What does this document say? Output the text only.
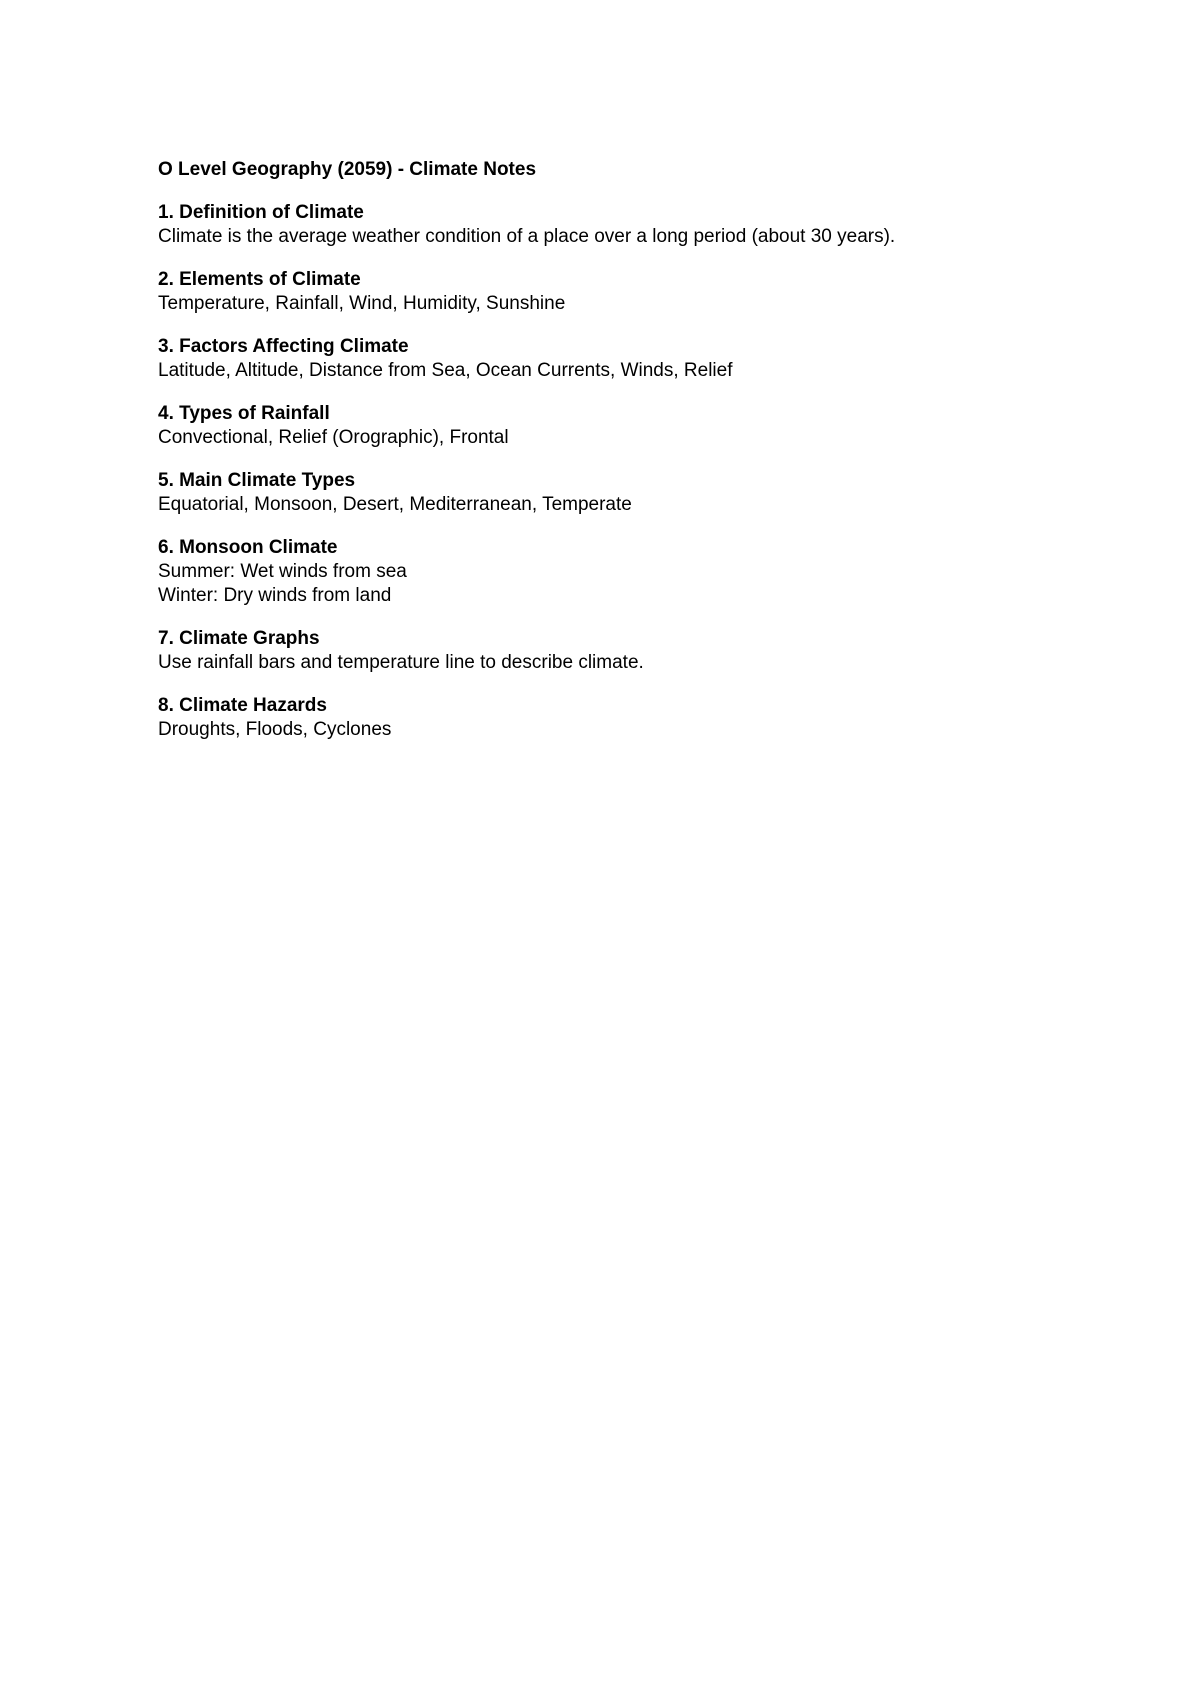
O Level Geography (2059) - Climate Notes
1. Definition of Climate
Climate is the average weather condition of a place over a long period (about 30 years).
2. Elements of Climate
Temperature, Rainfall, Wind, Humidity, Sunshine
3. Factors Affecting Climate
Latitude, Altitude, Distance from Sea, Ocean Currents, Winds, Relief
4. Types of Rainfall
Convectional, Relief (Orographic), Frontal
5. Main Climate Types
Equatorial, Monsoon, Desert, Mediterranean, Temperate
6. Monsoon Climate
Summer: Wet winds from sea
Winter: Dry winds from land
7. Climate Graphs
Use rainfall bars and temperature line to describe climate.
8. Climate Hazards
Droughts, Floods, Cyclones
